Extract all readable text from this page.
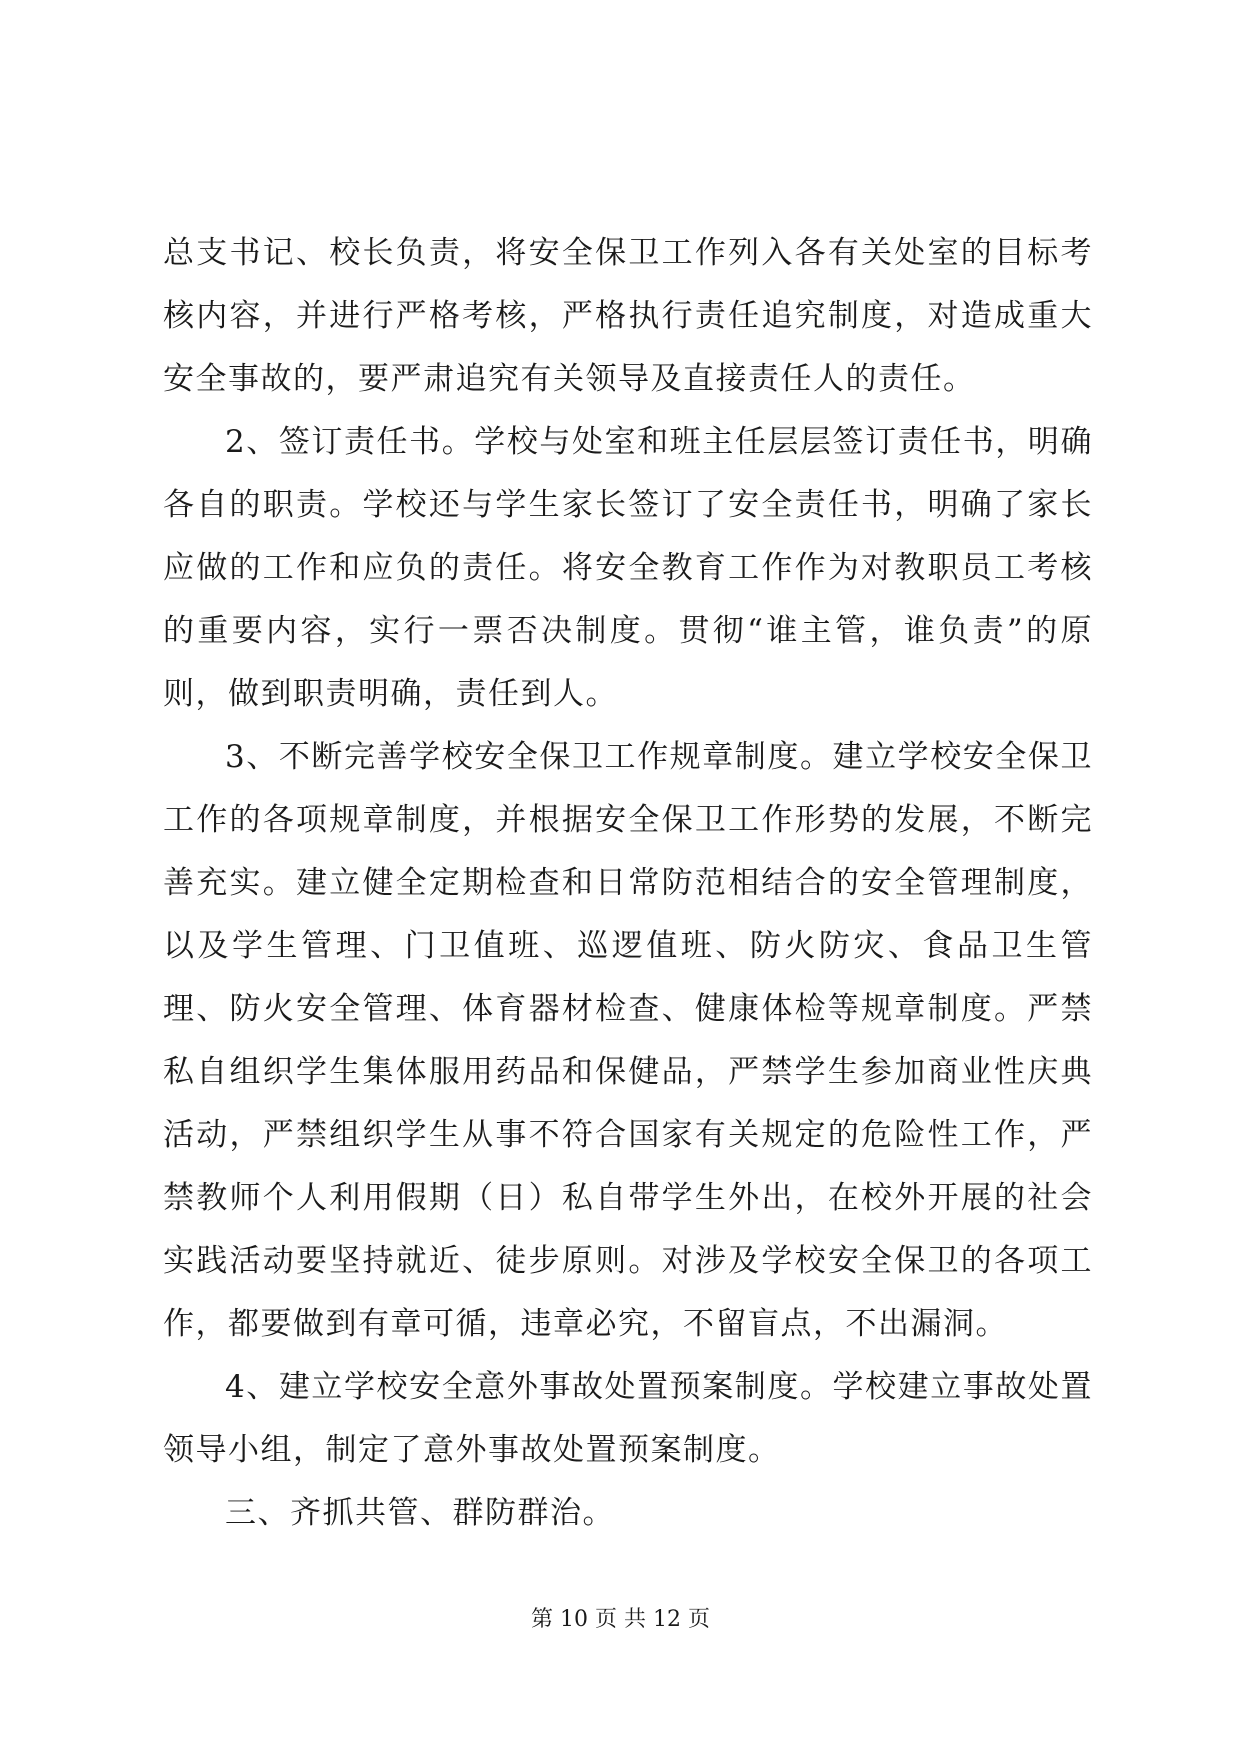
总支书记、校长负责，将安全保卫工作列入各有关处室的目标考核内容，并进行严格考核，严格执行责任追究制度，对造成重大安全事故的，要严肃追究有关领导及直接责任人的责任。

2、签订责任书。学校与处室和班主任层层签订责任书，明确各自的职责。学校还与学生家长签订了安全责任书，明确了家长应做的工作和应负的责任。将安全教育工作作为对教职员工考核的重要内容，实行一票否决制度。贯彻“谁主管，谁负责”的原则，做到职责明确，责任到人。

3、不断完善学校安全保卫工作规章制度。建立学校安全保卫工作的各项规章制度，并根据安全保卫工作形势的发展，不断完善充实。建立健全定期检查和日常防范相结合的安全管理制度，以及学生管理、门卫值班、巡逻值班、防火防灾、食品卫生管理、防火安全管理、体育器材检查、健康体检等规章制度。严禁私自组织学生集体服用药品和保健品，严禁学生参加商业性庆典活动，严禁组织学生从事不符合国家有关规定的危险性工作，严禁教师个人利用假期（日）私自带学生外出，在校外开展的社会实践活动要坚持就近、徒步原则。对涉及学校安全保卫的各项工作，都要做到有章可循，违章必究，不留盲点，不出漏洞。

4、建立学校安全意外事故处置预案制度。学校建立事故处置领导小组，制定了意外事故处置预案制度。

三、齐抓共管、群防群治。

第 10 页 共 12 页
